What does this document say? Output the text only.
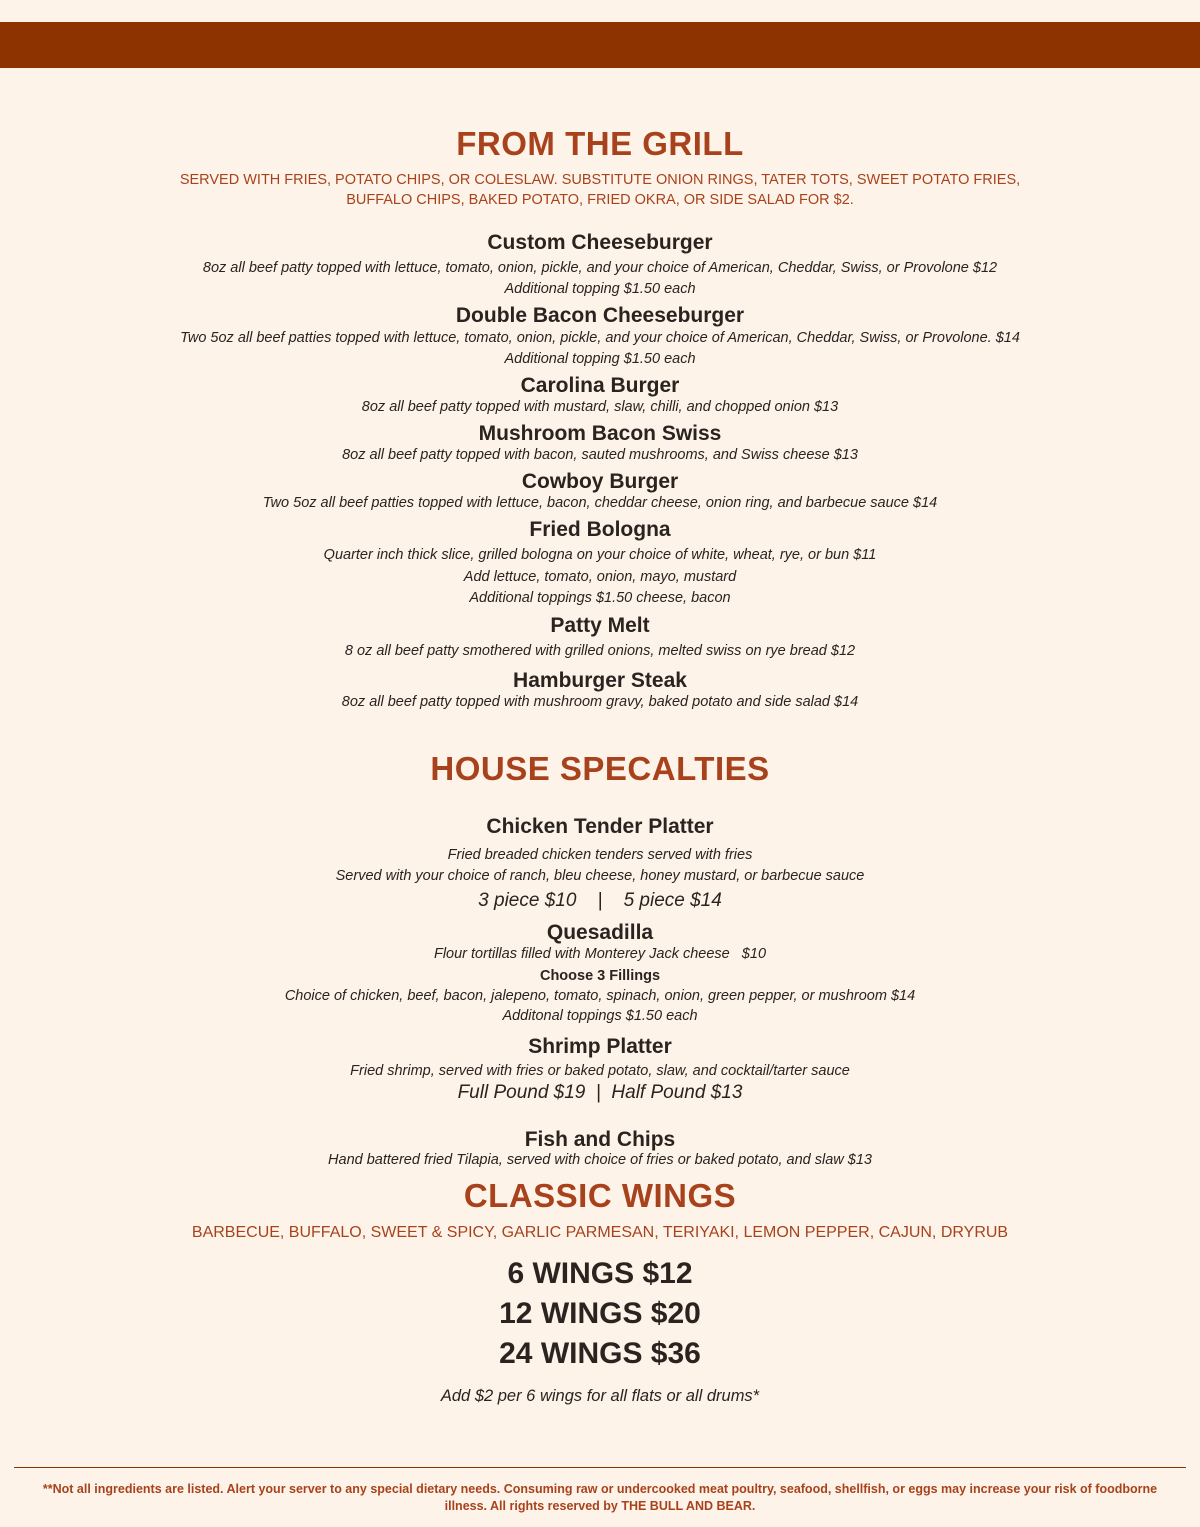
FROM THE GRILL

SERVED WITH FRIES, POTATO CHIPS, OR COLESLAW. SUBSTITUTE ONION RINGS, TATER TOTS, SWEET POTATO FRIES,

BUFFALO CHIPS, BAKED POTATO, FRIED OKRA, OR SIDE SALAD FOR $2.

Custom Cheeseburger
8oz all beef patty topped with lettuce, tomato, onion, pickle, and your choice of American, Cheddar, Swiss, or Provolone $12
Additional topping $1.50 each
Double Bacon Cheeseburger
Two 5oz all beef patties topped with lettuce, tomato, onion, pickle, and your choice of American, Cheddar, Swiss, or Provolone. $14
Additional topping $1.50 each
Carolina Burger
8oz all beef patty topped with mustard, slaw, chilli, and chopped onion $13
Mushroom Bacon Swiss
8oz all beef patty topped with bacon, sauted mushrooms, and Swiss cheese $13
Cowboy Burger
Two 5oz all beef patties topped with lettuce, bacon, cheddar cheese, onion ring, and barbecue sauce $14
Fried Bologna
Quarter inch thick slice, grilled bologna on your choice of white, wheat, rye, or bun $11
Add lettuce, tomato, onion, mayo, mustard
Additional toppings $1.50 cheese, bacon
Patty Melt
8 oz all beef patty smothered with grilled onions, melted swiss on rye bread $12
Hamburger Steak
8oz all beef patty topped with mushroom gravy, baked potato and side salad $14
HOUSE SPECALTIES
Chicken Tender Platter
Fried breaded chicken tenders served with fries
Served with your choice of ranch, bleu cheese, honey mustard, or barbecue sauce
3 piece $10    |    5 piece $14
Quesadilla
Flour tortillas filled with Monterey Jack cheese   $10
Choose 3 Fillings
Choice of chicken, beef, bacon, jalepeno, tomato, spinach, onion, green pepper, or mushroom $14
Additonal toppings $1.50 each
Shrimp Platter
Fried shrimp, served with fries or baked potato, slaw, and cocktail/tarter sauce
Full Pound $19  |  Half Pound $13
Fish and Chips
Hand battered fried Tilapia, served with choice of fries or baked potato, and slaw $13
CLASSIC WINGS

BARBECUE, BUFFALO, SWEET & SPICY, GARLIC PARMESAN, TERIYAKI, LEMON PEPPER, CAJUN, DRYRUB

6 WINGS $12
12 WINGS $20
24 WINGS $36
Add $2 per 6 wings for all flats or all drums*

**Not all ingredients are listed. Alert your server to any special dietary needs. Consuming raw or undercooked meat poultry, seafood, shellfish, or eggs may increase your risk of foodborne

illness. All rights reserved by THE BULL AND BEAR.
